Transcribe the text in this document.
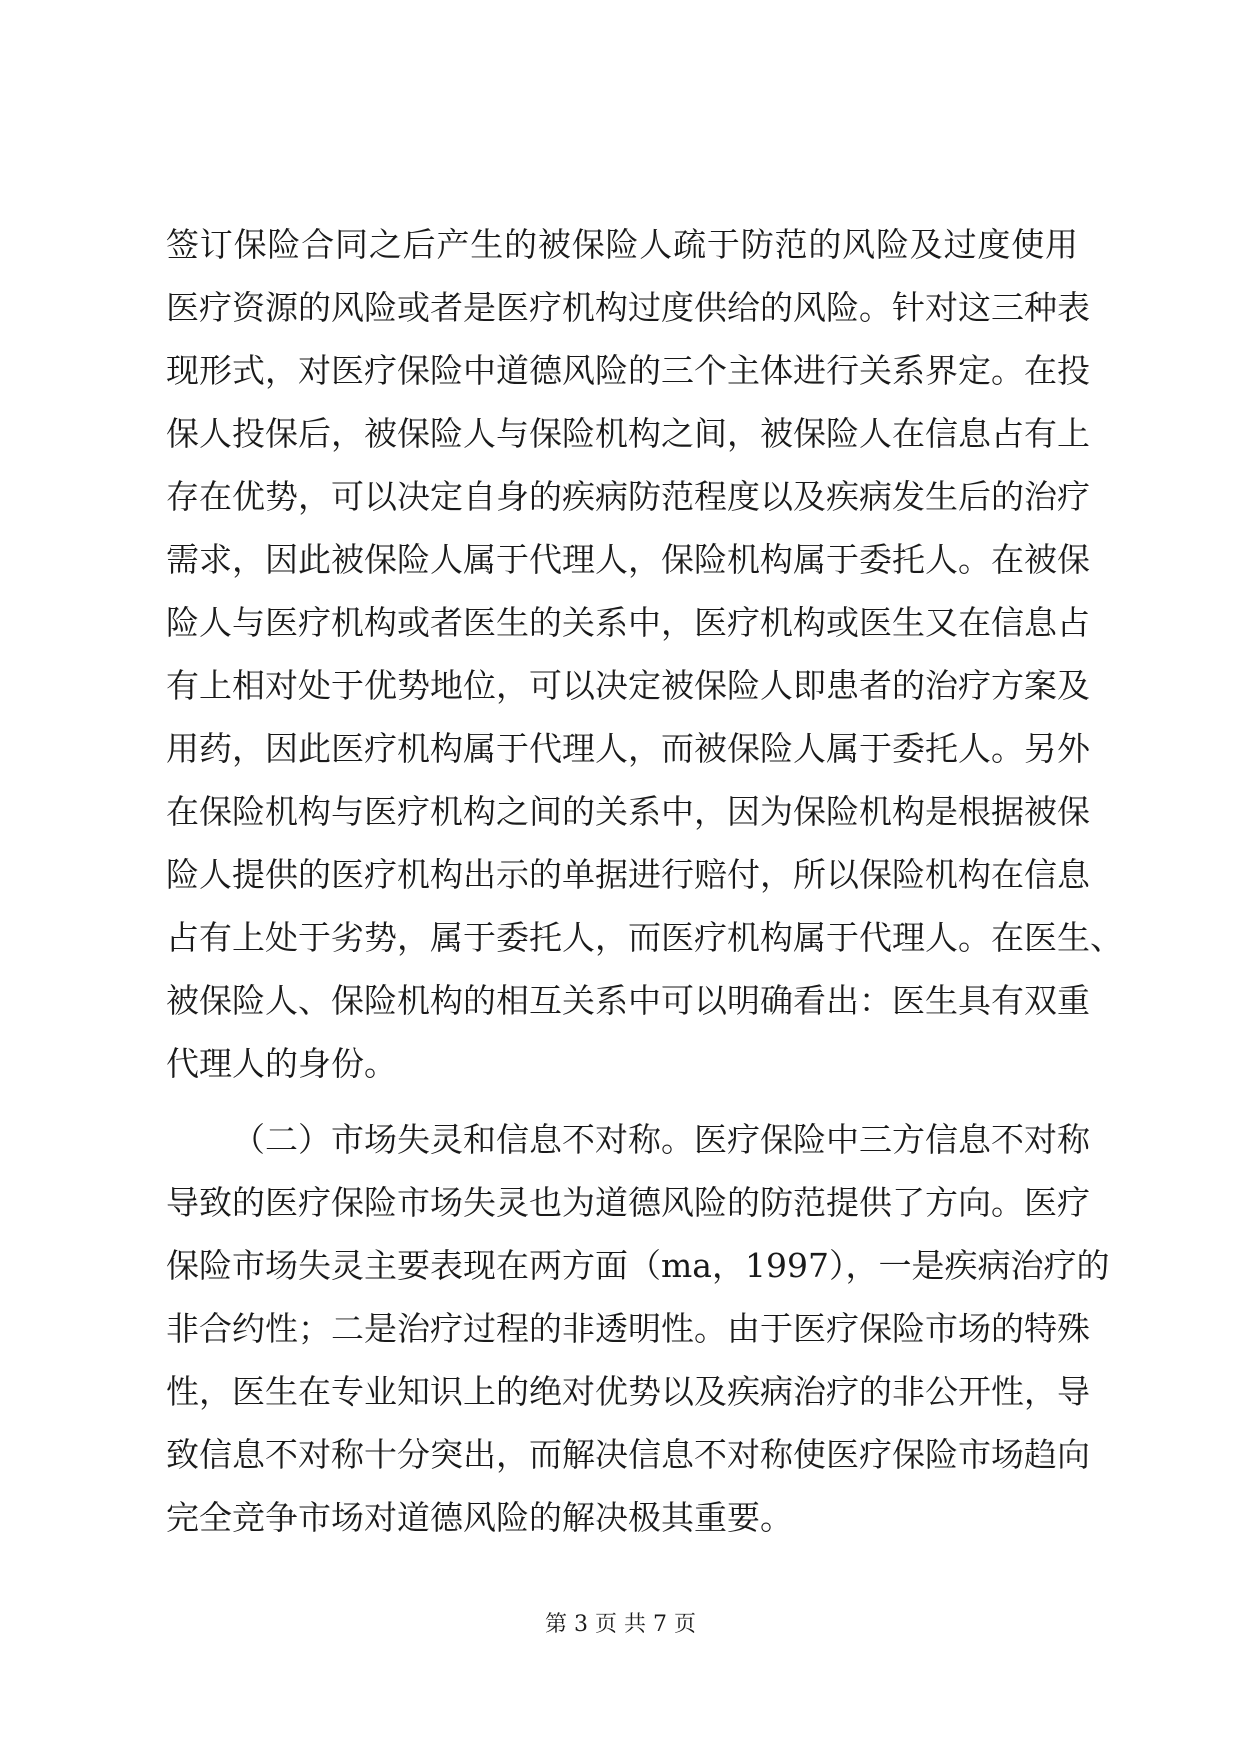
签订保险合同之后产生的被保险人疏于防范的风险及过度使用
医疗资源的风险或者是医疗机构过度供给的风险。针对这三种表
现形式，对医疗保险中道德风险的三个主体进行关系界定。在投
保人投保后，被保险人与保险机构之间，被保险人在信息占有上
存在优势，可以决定自身的疾病防范程度以及疾病发生后的治疗
需求，因此被保险人属于代理人，保险机构属于委托人。在被保
险人与医疗机构或者医生的关系中，医疗机构或医生又在信息占
有上相对处于优势地位，可以决定被保险人即患者的治疗方案及
用药，因此医疗机构属于代理人，而被保险人属于委托人。另外
在保险机构与医疗机构之间的关系中，因为保险机构是根据被保
险人提供的医疗机构出示的单据进行赔付，所以保险机构在信息
占有上处于劣势，属于委托人，而医疗机构属于代理人。在医生、
被保险人、保险机构的相互关系中可以明确看出：医生具有双重
代理人的身份。
（二）市场失灵和信息不对称。医疗保险中三方信息不对称
导致的医疗保险市场失灵也为道德风险的防范提供了方向。医疗
保险市场失灵主要表现在两方面（ma，1997），一是疾病治疗的
非合约性；二是治疗过程的非透明性。由于医疗保险市场的特殊
性，医生在专业知识上的绝对优势以及疾病治疗的非公开性，导
致信息不对称十分突出，而解决信息不对称使医疗保险市场趋向
完全竞争市场对道德风险的解决极其重要。
第 3 页 共 7 页
